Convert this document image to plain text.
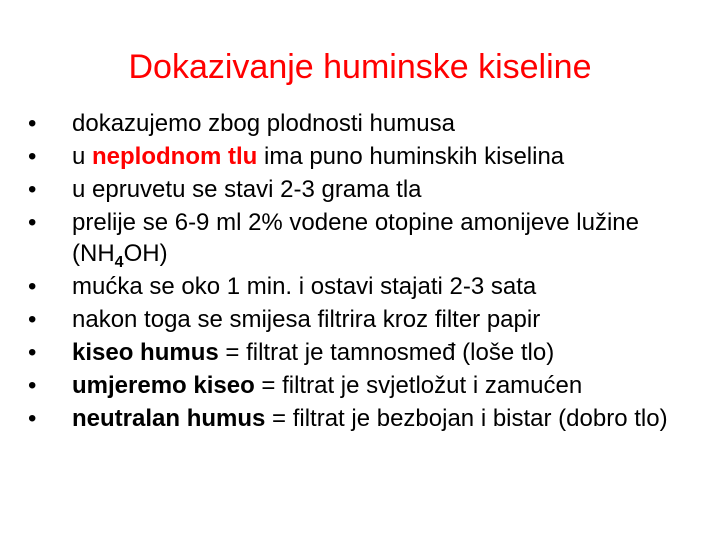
Dokazivanje huminske kiseline
•	dokazujemo zbog plodnosti humusa
•	u neplodnom tlu ima puno huminskih kiselina
•	u epruvetu se stavi 2-3 grama tla
•	prelije se 6-9 ml 2% vodene otopine amonijeve lužine $(NH_4OH)$
•	mućka se oko 1 min. i ostavi stajati 2-3 sata
•	nakon toga se smijesa filtrira kroz filter papir
•	kiseo humus = filtrat je tamnosmeđ (loše tlo)
•	umjeremo kiseo = filtrat je svjetložut i zamućen
•	neutralan humus = filtrat je bezbojan i bistar (dobro tlo)
